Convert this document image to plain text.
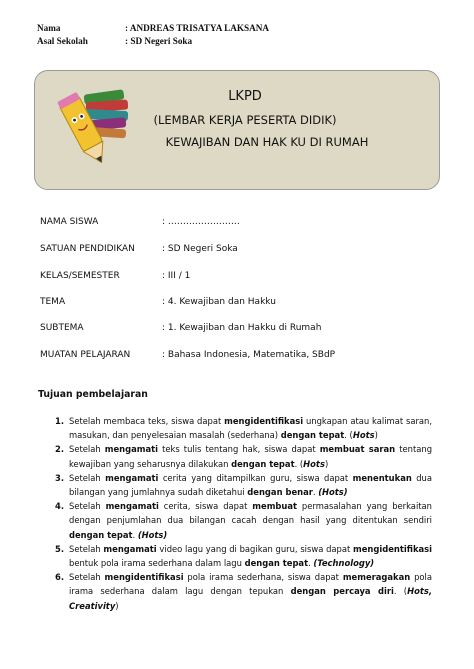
Nama	: ANDREAS TRISATYA LAKSANA
Asal Sekolah	: SD Negeri Soka
LKPD
(LEMBAR KERJA PESERTA DIDIK)
KEWAJIBAN DAN HAK KU DI RUMAH
NAMA SISWA	: ……………………
SATUAN PENDIDIKAN	: SD Negeri Soka
KELAS/SEMESTER	: III / 1
TEMA	: 4. Kewajiban dan Hakku
SUBTEMA	: 1. Kewajiban dan Hakku di Rumah
MUATAN PELAJARAN	: Bahasa Indonesia, Matematika, SBdP
Tujuan pembelajaran
1. Setelah membaca teks, siswa dapat mengidentifikasi ungkapan atau kalimat saran, masukan, dan penyelesaian masalah (sederhana) dengan tepat. (Hots)
2. Setelah mengamati teks tulis tentang hak, siswa dapat membuat saran tentang kewajiban yang seharusnya dilakukan dengan tepat. (Hots)
3. Setelah mengamati cerita yang ditampilkan guru, siswa dapat menentukan dua bilangan yang jumlahnya sudah diketahui dengan benar. (Hots)
4. Setelah mengamati cerita, siswa dapat membuat permasalahan yang berkaitan dengan penjumlahan dua bilangan cacah dengan hasil yang ditentukan sendiri dengan tepat. (Hots)
5. Setelah mengamati video lagu yang di bagikan guru, siswa dapat mengidentifikasi bentuk pola irama sederhana dalam lagu dengan tepat. (Technology)
6. Setelah mengidentifikasi pola irama sederhana, siswa dapat memeragakan pola irama sederhana dalam lagu dengan tepukan dengan percaya diri. (Hots, Creativity)
